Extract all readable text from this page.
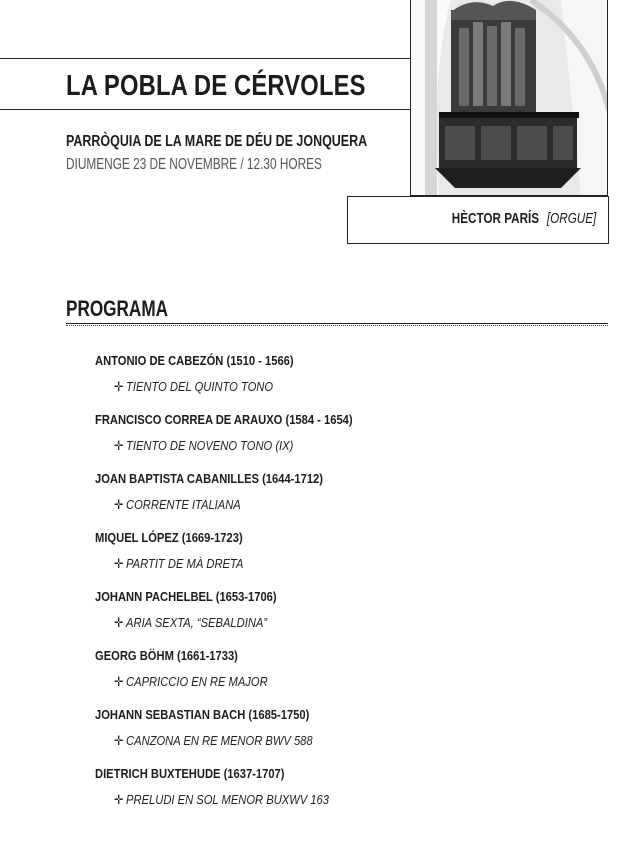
LA POBLA DE CÉRVOLES
PARRÒQUIA DE LA MARE DE DÉU DE JONQUERA
DIUMENGE 23 DE NOVEMBRE / 12.30 HORES
HÈCTOR PARÍS [ORGUE]
PROGRAMA
ANTONIO DE CABEZÓN (1510 - 1566)
✛ TIENTO DEL QUINTO TONO
FRANCISCO CORREA DE ARAUXO (1584 - 1654)
✛ TIENTO DE NOVENO TONO (IX)
JOAN BAPTISTA CABANILLES (1644-1712)
✛ CORRENTE ITALIANA
MIQUEL LÓPEZ (1669-1723)
✛ PARTIT DE MÀ DRETA
JOHANN PACHELBEL (1653-1706)
✛ ARIA SEXTA, “SEBALDINA”
GEORG BÖHM (1661-1733)
✛ CAPRICCIO EN RE MAJOR
JOHANN SEBASTIAN BACH (1685-1750)
✛ CANZONA EN RE MENOR BWV 588
DIETRICH BUXTEHUDE (1637-1707)
✛ PRELUDI EN SOL MENOR BUXWV 163
